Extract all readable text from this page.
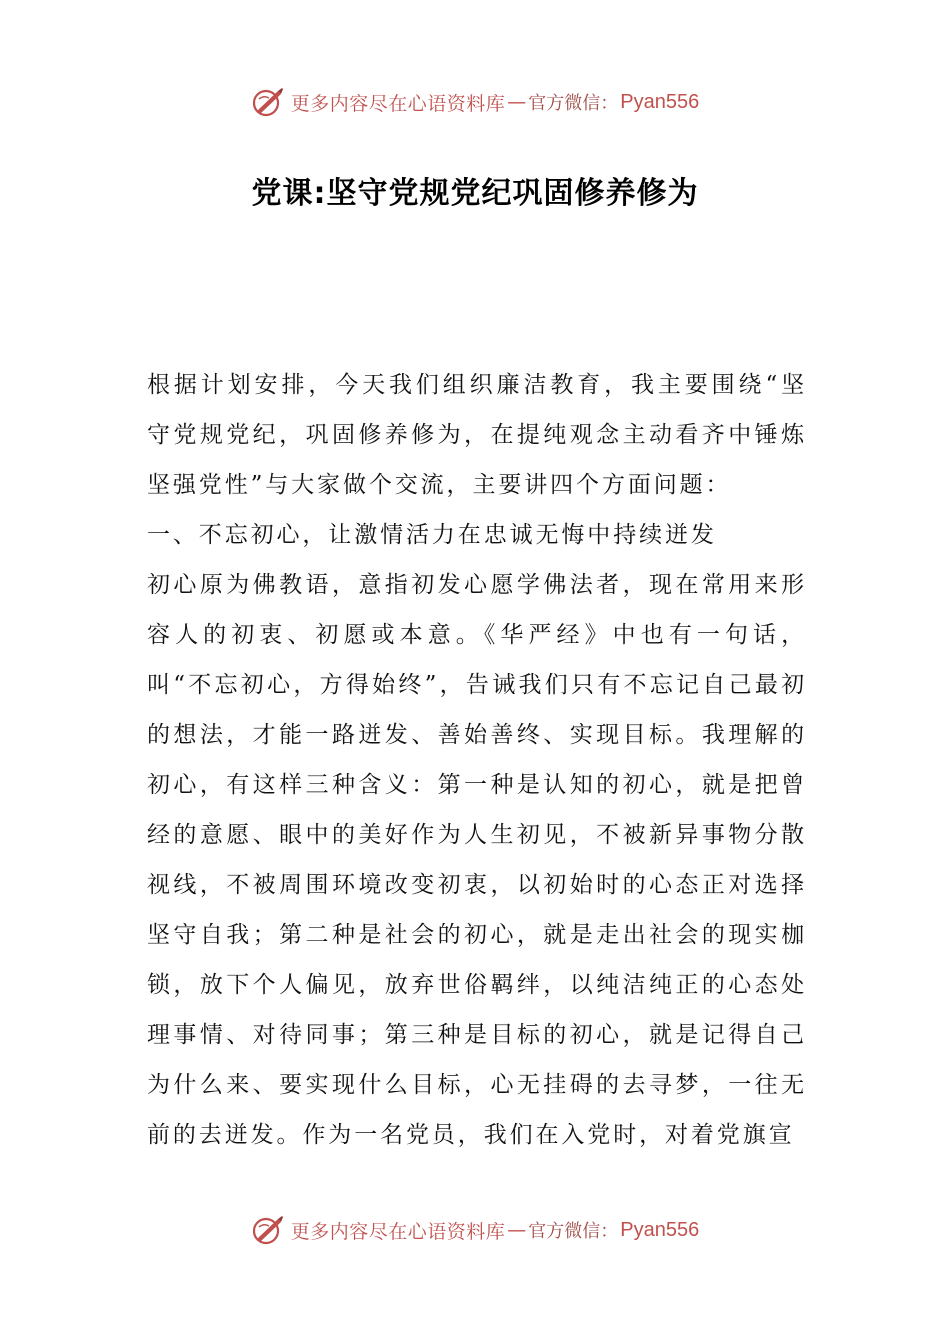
更多内容尽在心语资料库 — 官方微信： Pyan556
党课:坚守党规党纪巩固修养修为

根据计划安排，今天我们组织廉洁教育，我主要围绕“坚守党规党纪，巩固修养修为，在提纯观念主动看齐中锤炼坚强党性”与大家做个交流，主要讲四个方面问题：

一、不忘初心，让激情活力在忠诚无悔中持续迸发

初心原为佛教语，意指初发心愿学佛法者，现在常用来形容人的初衷、初愿或本意。《华严经》中也有一句话，叫“不忘初心，方得始终”，告诫我们只有不忘记自己最初的想法，才能一路迸发、善始善终、实现目标。我理解的初心，有这样三种含义：第一种是认知的初心，就是把曾经的意愿、眼中的美好作为人生初见，不被新异事物分散视线，不被周围环境改变初衷，以初始时的心态正对选择坚守自我；第二种是社会的初心，就是走出社会的现实枷锁，放下个人偏见，放弃世俗羁绊，以纯洁纯正的心态处理事情、对待同事；第三种是目标的初心，就是记得自己为什么来、要实现什么目标，心无挂碍的去寻梦，一往无前的去迸发。作为一名党员，我们在入党时，对着党旗宣

更多内容尽在心语资料库 — 官方微信： Pyan556
